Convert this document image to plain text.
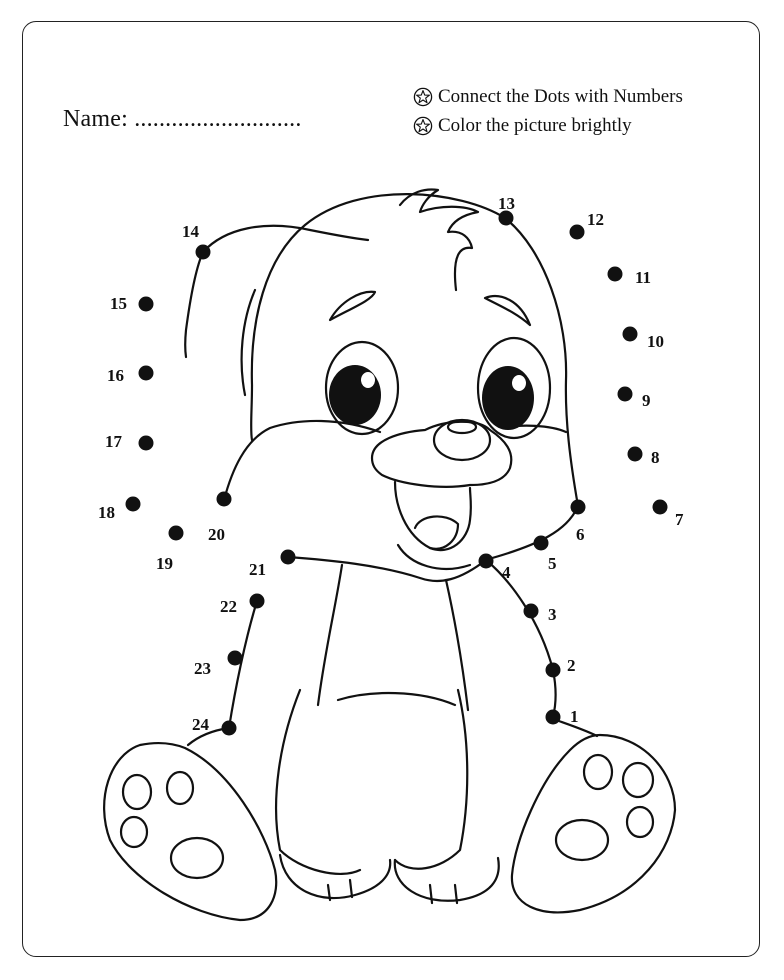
Name: ...........................
Connect the Dots with Numbers
Color the picture brightly
1
2
3
4 5
6
7
8
9
10
11
12
13
14
15
16
17
18
19
20
21
22
23
24
